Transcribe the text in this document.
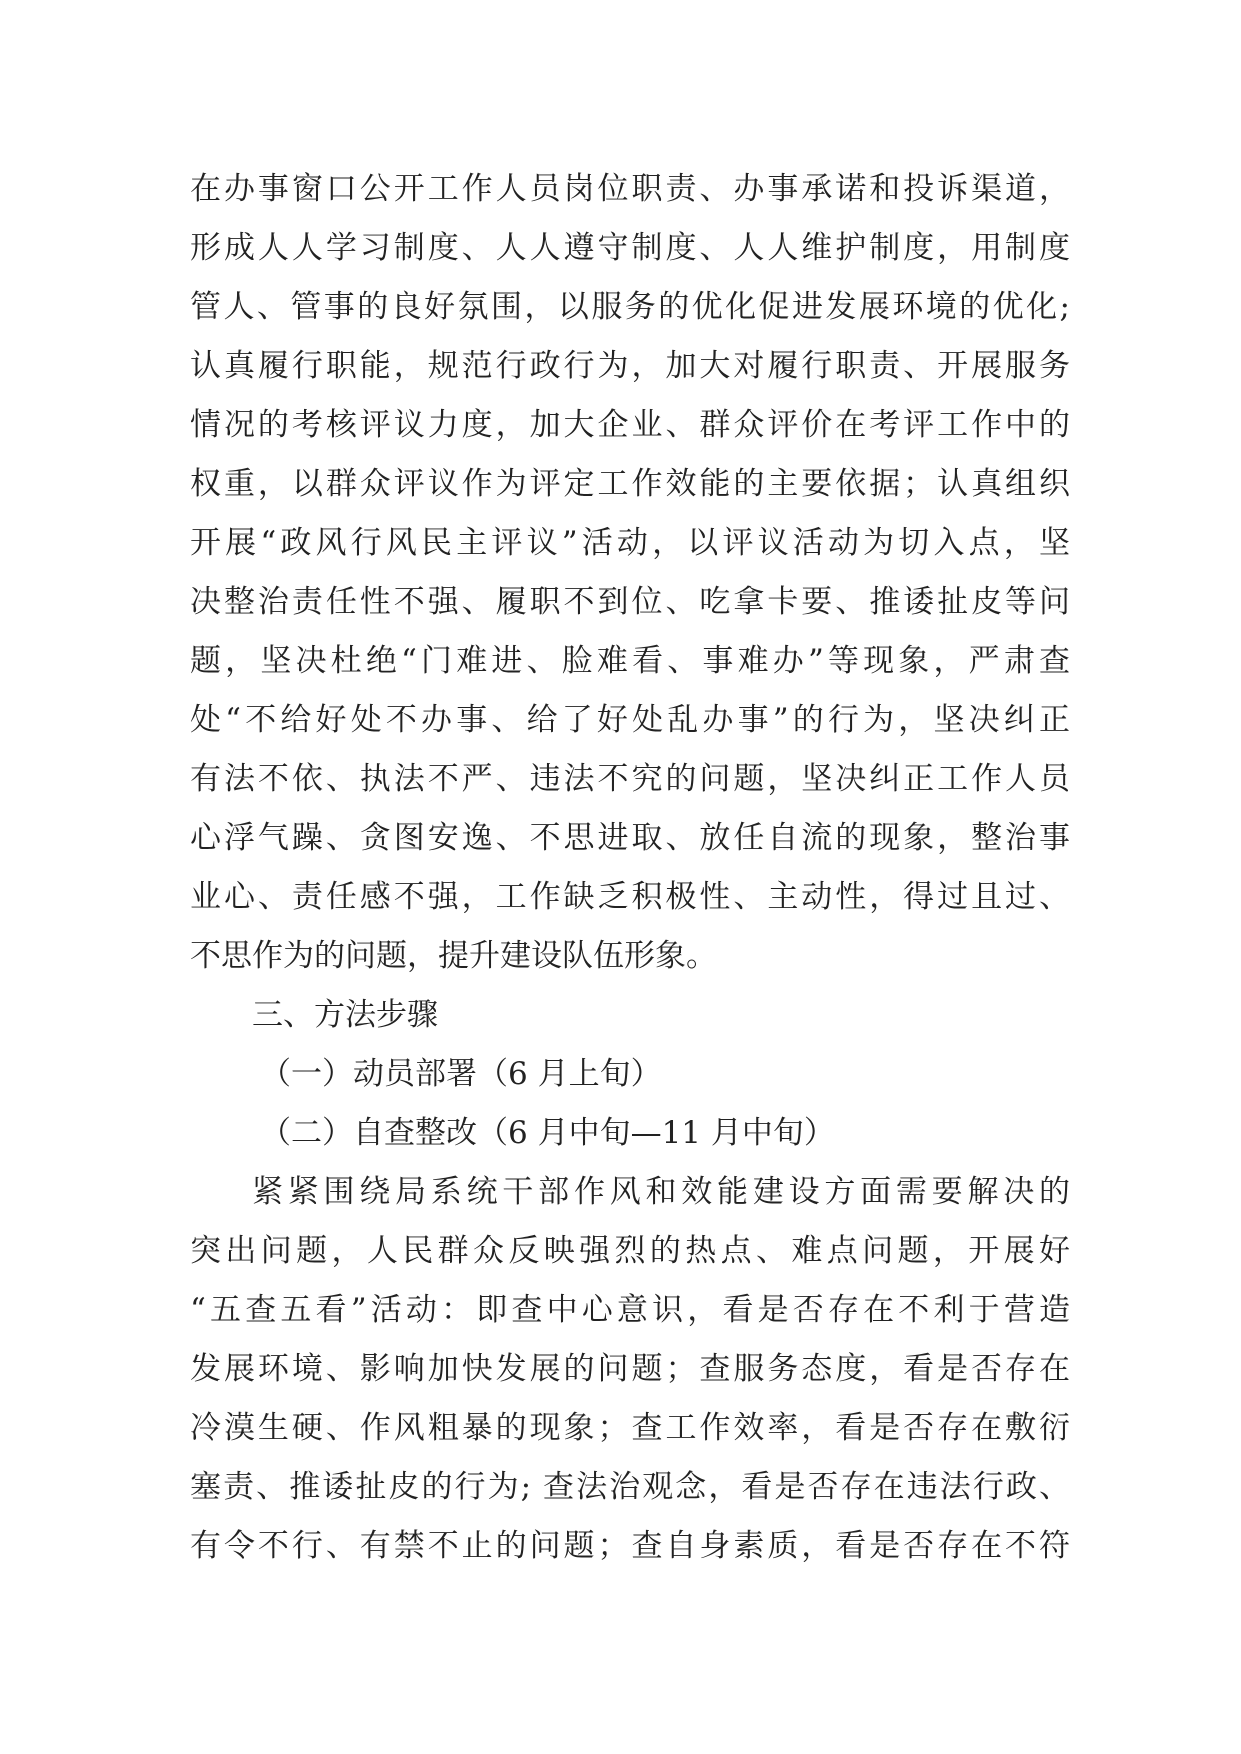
在办事窗口公开工作人员岗位职责、办事承诺和投诉渠道，
形成人人学习制度、人人遵守制度、人人维护制度，用制度
管人、管事的良好氛围，以服务的优化促进发展环境的优化;
认真履行职能，规范行政行为，加大对履行职责、开展服务
情况的考核评议力度，加大企业、群众评价在考评工作中的
权重，以群众评议作为评定工作效能的主要依据；认真组织
开展“政风行风民主评议”活动，以评议活动为切入点，坚
决整治责任性不强、履职不到位、吃拿卡要、推诿扯皮等问
题，坚决杜绝“门难进、脸难看、事难办”等现象，严肃查
处“不给好处不办事、给了好处乱办事”的行为，坚决纠正
有法不依、执法不严、违法不究的问题，坚决纠正工作人员
心浮气躁、贪图安逸、不思进取、放任自流的现象，整治事
业心、责任感不强，工作缺乏积极性、主动性，得过且过、
不思作为的问题，提升建设队伍形象。
三、方法步骤
（一）动员部署（6 月上旬）
（二）自查整改（6 月中旬—11 月中旬）
紧紧围绕局系统干部作风和效能建设方面需要解决的
突出问题，人民群众反映强烈的热点、难点问题，开展好
“五查五看”活动：即查中心意识，看是否存在不利于营造
发展环境、影响加快发展的问题；查服务态度，看是否存在
冷漠生硬、作风粗暴的现象；查工作效率，看是否存在敷衍
塞责、推诿扯皮的行为; 查法治观念，看是否存在违法行政、
有令不行、有禁不止的问题；查自身素质，看是否存在不符
